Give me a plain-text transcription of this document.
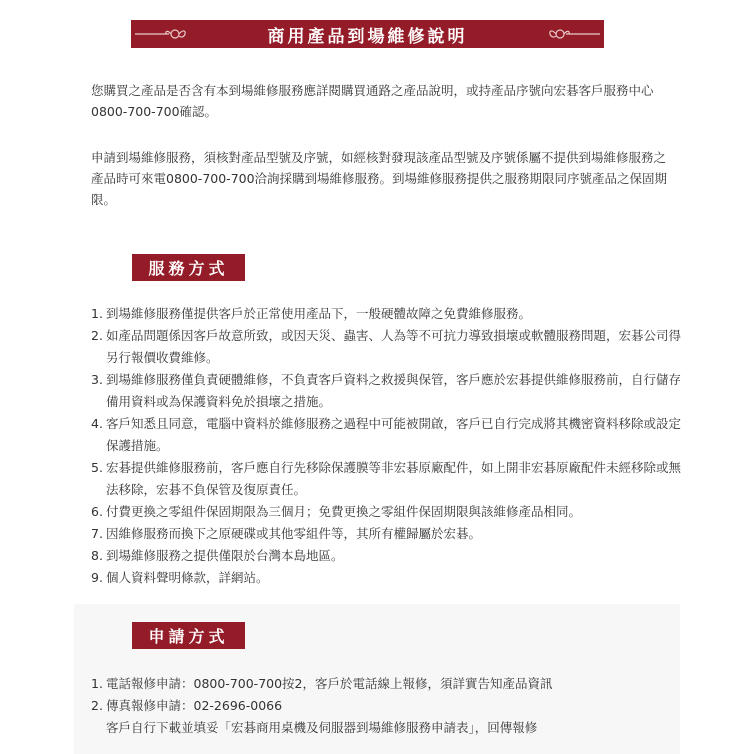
商用產品到場維修說明

您購買之產品是否含有本到場維修服務應詳閱購買通路之產品說明，或持產品序號向宏碁客戶服務中心0800-700-700確認。

申請到場維修服務，須核對產品型號及序號，如經核對發現該產品型號及序號係屬不提供到場維修服務之產品時可來電0800-700-700洽詢採購到場維修服務。到場維修服務提供之服務期限同序號產品之保固期限。

服務方式
1. 到場維修服務僅提供客戶於正常使用產品下，一般硬體故障之免費維修服務。
2. 如產品問題係因客戶故意所致，或因天災、蟲害、人為等不可抗力導致損壞或軟體服務問題，宏碁公司得另行報價收費維修。
3. 到場維修服務僅負責硬體維修，不負責客戶資料之救援與保管，客戶應於宏碁提供維修服務前，自行儲存備用資料或為保護資料免於損壞之措施。
4. 客戶知悉且同意，電腦中資料於維修服務之過程中可能被開啟，客戶已自行完成將其機密資料移除或設定保護措施。
5. 宏碁提供維修服務前，客戶應自行先移除保護膜等非宏碁原廠配件，如上開非宏碁原廠配件未經移除或無法移除，宏碁不負保管及復原責任。
6. 付費更換之零組件保固期限為三個月；免費更換之零組件保固期限與該維修產品相同。
7. 因維修服務而換下之原硬碟或其他零組件等，其所有權歸屬於宏碁。
8. 到場維修服務之提供僅限於台灣本島地區。
9. 個人資料聲明條款，詳網站。
申請方式
1. 電話報修申請：0800-700-700按2，客戶於電話線上報修，須詳實告知產品資訊
2. 傳真報修申請：02-2696-0066
客戶自行下載並填妥「宏碁商用桌機及伺服器到場維修服務申請表」，回傳報修
